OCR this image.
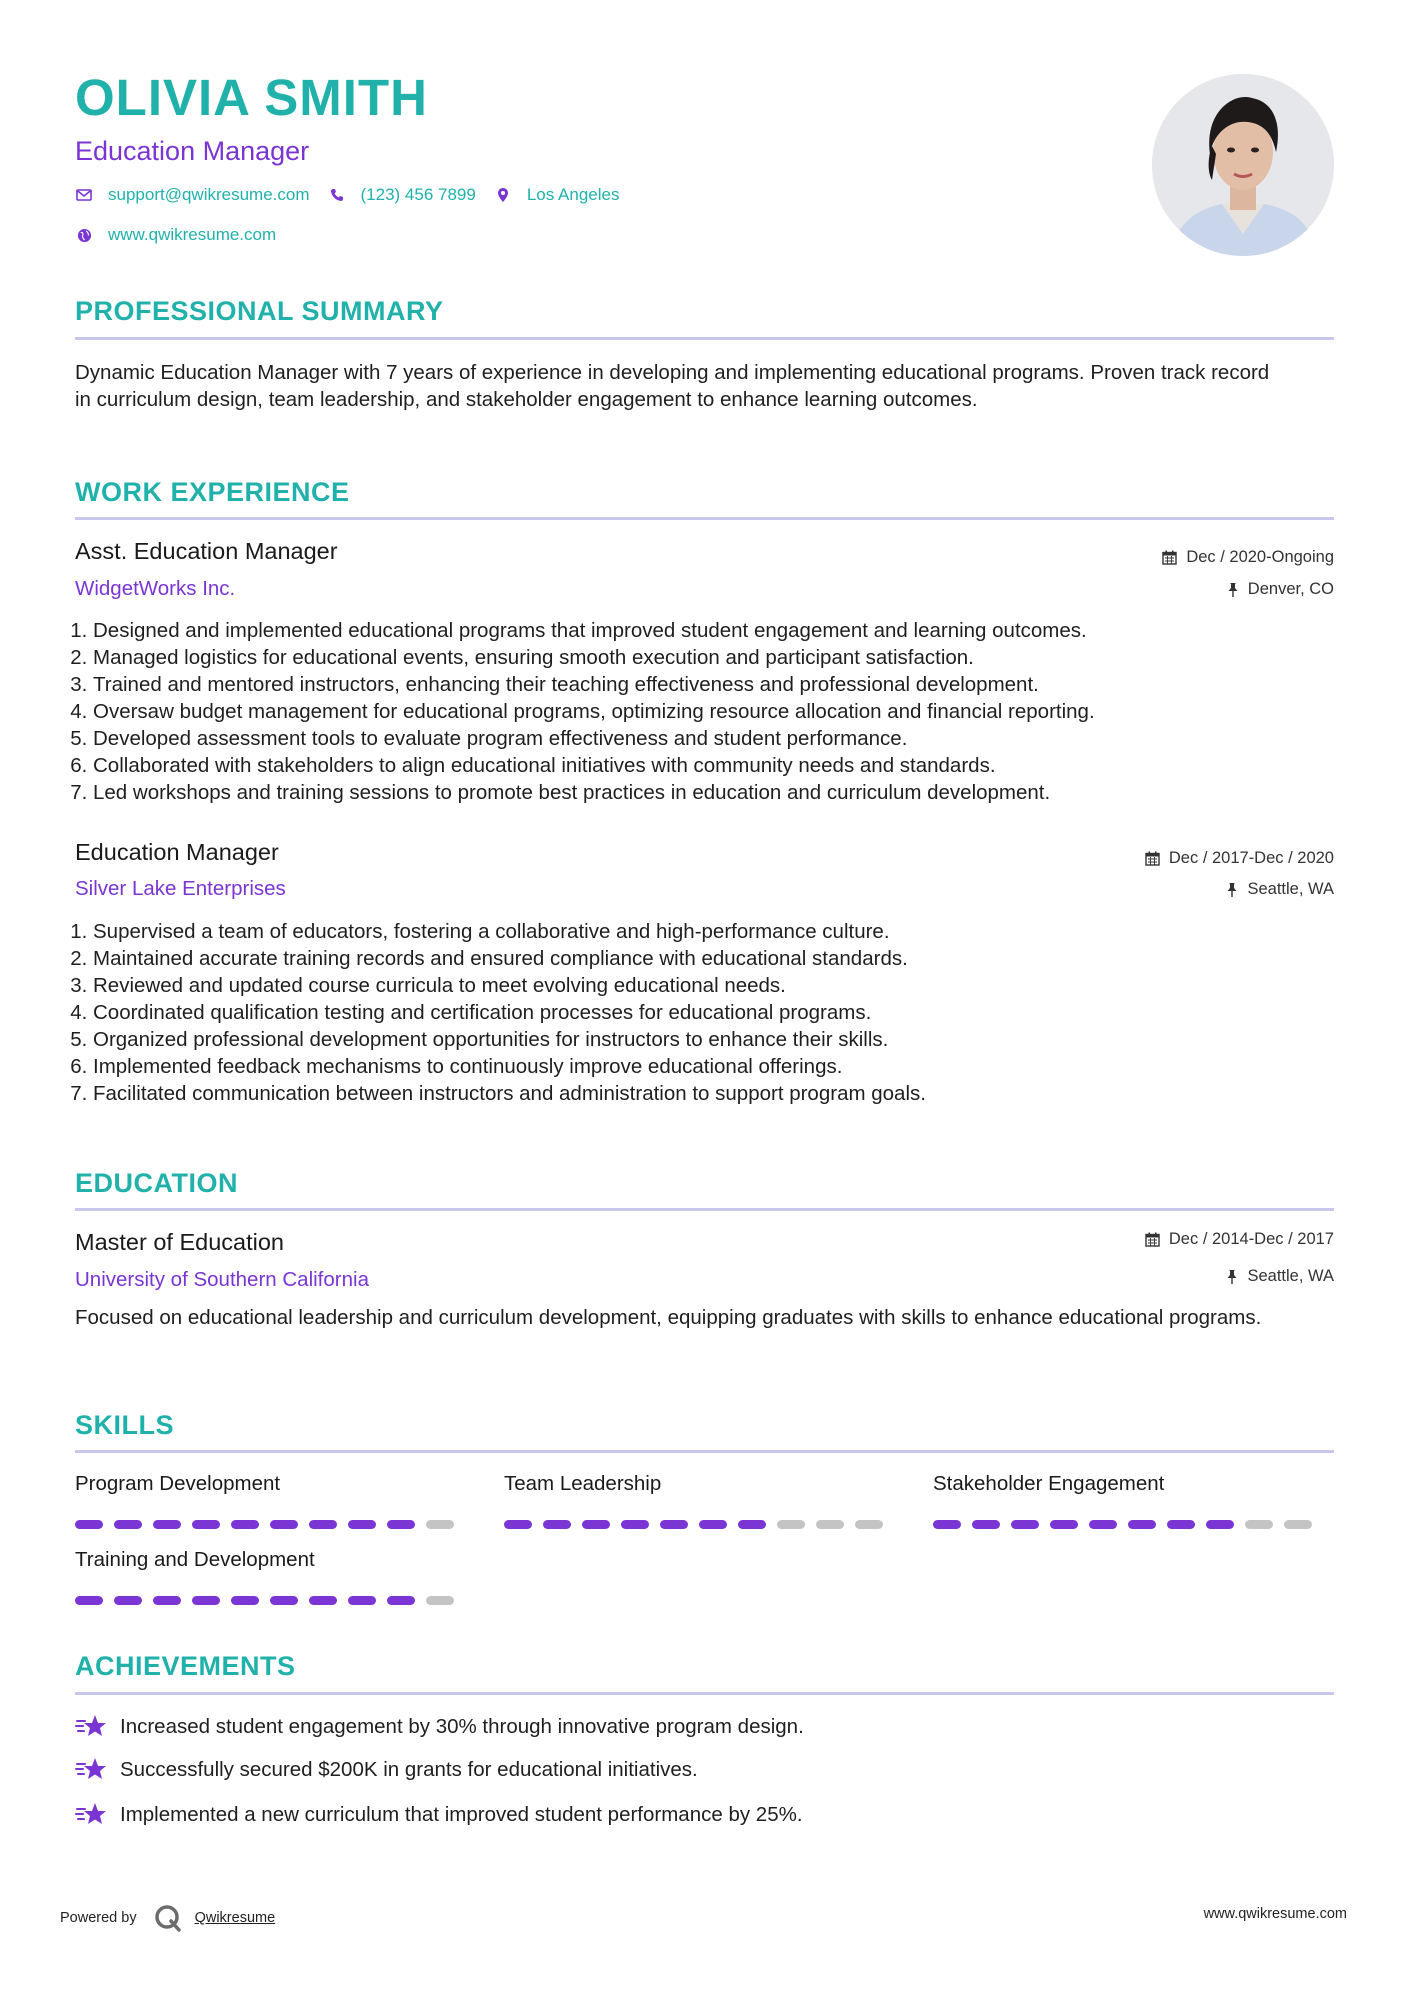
OLIVIA SMITH
Education Manager
support@qwikresume.com	(123) 456 7899	Los Angeles
www.qwikresume.com
PROFESSIONAL SUMMARY
Dynamic Education Manager with 7 years of experience in developing and implementing educational programs. Proven track record in curriculum design, team leadership, and stakeholder engagement to enhance learning outcomes.
WORK EXPERIENCE
Asst. Education Manager
WidgetWorks Inc.
Dec / 2020-Ongoing
Denver, CO
1. Designed and implemented educational programs that improved student engagement and learning outcomes.
2. Managed logistics for educational events, ensuring smooth execution and participant satisfaction.
3. Trained and mentored instructors, enhancing their teaching effectiveness and professional development.
4. Oversaw budget management for educational programs, optimizing resource allocation and financial reporting.
5. Developed assessment tools to evaluate program effectiveness and student performance.
6. Collaborated with stakeholders to align educational initiatives with community needs and standards.
7. Led workshops and training sessions to promote best practices in education and curriculum development.
Education Manager
Silver Lake Enterprises
Dec / 2017-Dec / 2020
Seattle, WA
1. Supervised a team of educators, fostering a collaborative and high-performance culture.
2. Maintained accurate training records and ensured compliance with educational standards.
3. Reviewed and updated course curricula to meet evolving educational needs.
4. Coordinated qualification testing and certification processes for educational programs.
5. Organized professional development opportunities for instructors to enhance their skills.
6. Implemented feedback mechanisms to continuously improve educational offerings.
7. Facilitated communication between instructors and administration to support program goals.
EDUCATION
Master of Education
University of Southern California
Dec / 2014-Dec / 2017
Seattle, WA
Focused on educational leadership and curriculum development, equipping graduates with skills to enhance educational programs.
SKILLS
Program Development	Team Leadership	Stakeholder Engagement
Training and Development
ACHIEVEMENTS
Increased student engagement by 30% through innovative program design.
Successfully secured $200K in grants for educational initiatives.
Implemented a new curriculum that improved student performance by 25%.
Powered by	Qwikresume	www.qwikresume.com
